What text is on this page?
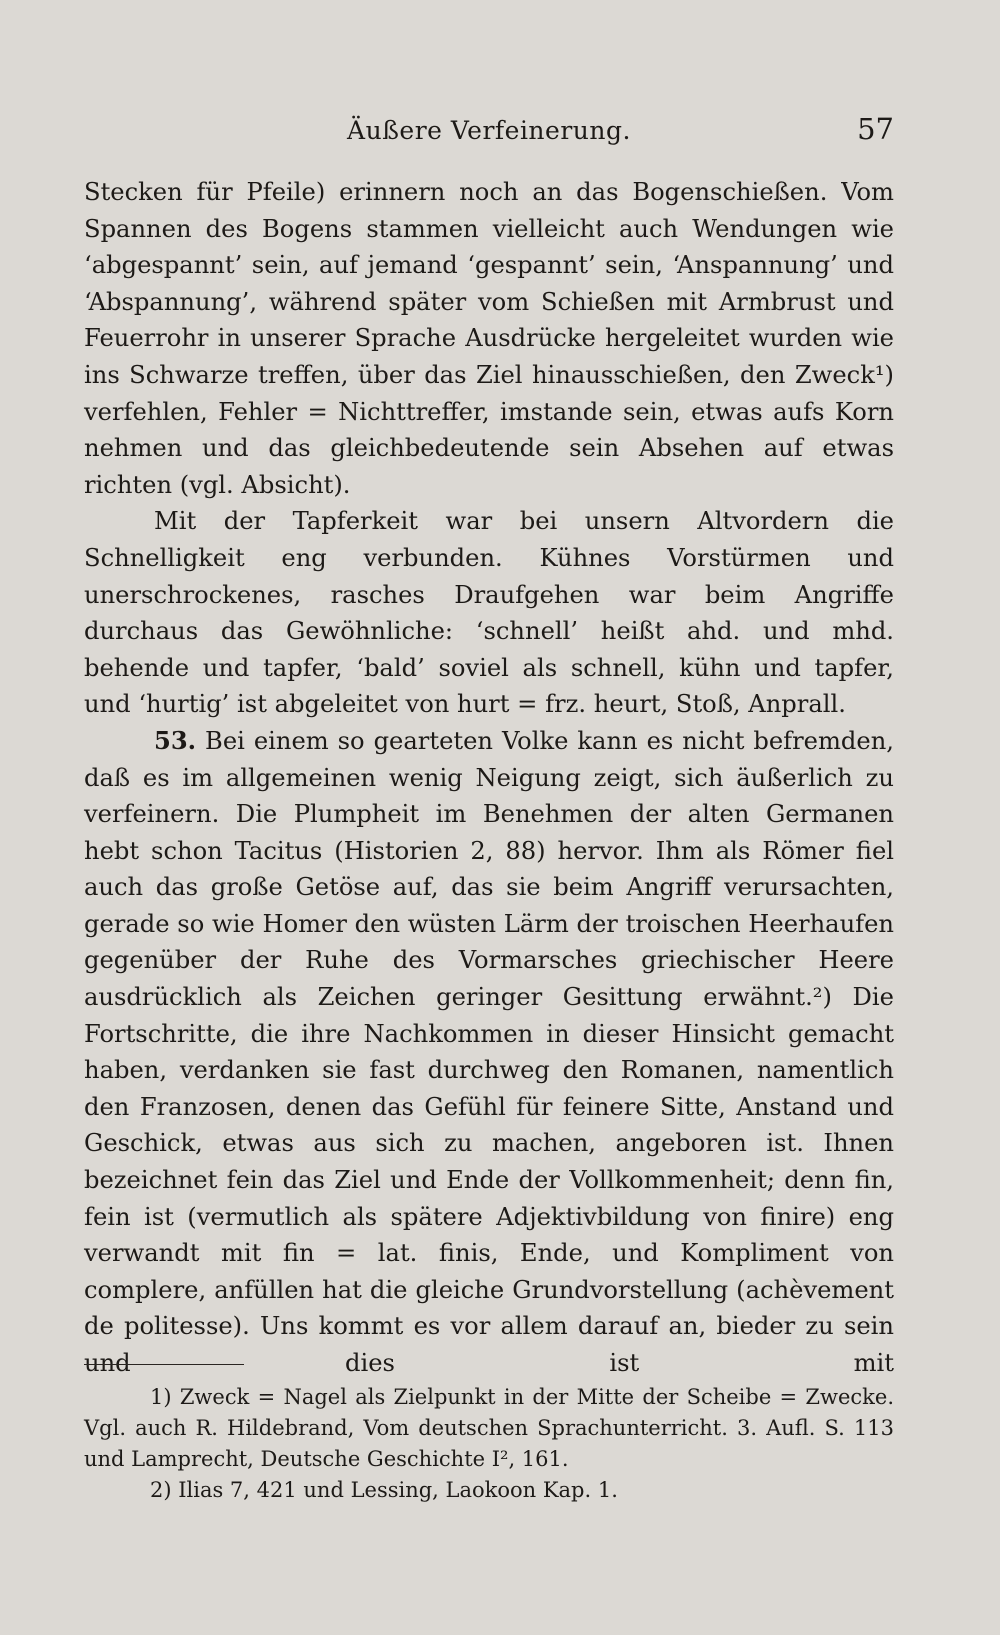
Äußere Verfeinerung.	57

Stecken für Pfeile) erinnern noch an das Bogenschießen. Vom Spannen des Bogens stammen vielleicht auch Wendungen wie ‘abgespannt’ sein, auf jemand ‘gespannt’ sein, ‘Anspannung’ und ‘Abspannung’, während später vom Schießen mit Armbrust und Feuerrohr in unserer Sprache Ausdrücke hergeleitet wurden wie ins Schwarze treffen, über das Ziel hinausschießen, den Zweck¹) verfehlen, Fehler = Nichttreffer, imstande sein, etwas aufs Korn nehmen und das gleichbedeutende sein Absehen auf etwas richten (vgl. Absicht).

Mit der Tapferkeit war bei unsern Altvordern die Schnelligkeit eng verbunden. Kühnes Vorstürmen und unerschrockenes, rasches Draufgehen war beim Angriffe durchaus das Gewöhnliche: ‘schnell’ heißt ahd. und mhd. behende und tapfer, ‘bald’ soviel als schnell, kühn und tapfer, und ‘hurtig’ ist abgeleitet von hurt = frz. heurt, Stoß, Anprall.

53. Bei einem so gearteten Volke kann es nicht befremden, daß es im allgemeinen wenig Neigung zeigt, sich äußerlich zu verfeinern. Die Plumpheit im Benehmen der alten Germanen hebt schon Tacitus (Historien 2, 88) hervor. Ihm als Römer fiel auch das große Getöse auf, das sie beim Angriff verursachten, gerade so wie Homer den wüsten Lärm der troischen Heerhaufen gegenüber der Ruhe des Vormarsches griechischer Heere ausdrücklich als Zeichen geringer Gesittung erwähnt.²) Die Fortschritte, die ihre Nachkommen in dieser Hinsicht gemacht haben, verdanken sie fast durchweg den Romanen, namentlich den Franzosen, denen das Gefühl für feinere Sitte, Anstand und Geschick, etwas aus sich zu machen, angeboren ist. Ihnen bezeichnet fein das Ziel und Ende der Vollkommenheit; denn fin, fein ist (vermutlich als spätere Adjektivbildung von finire) eng verwandt mit fin = lat. finis, Ende, und Kompliment von complere, anfüllen hat die gleiche Grundvorstellung (achèvement de politesse). Uns kommt es vor allem darauf an, bieder zu sein und dies ist mit

1) Zweck = Nagel als Zielpunkt in der Mitte der Scheibe = Zwecke. Vgl. auch R. Hildebrand, Vom deutschen Sprachunterricht. 3. Aufl. S. 113 und Lamprecht, Deutsche Geschichte I², 161.

2) Ilias 7, 421 und Lessing, Laokoon Kap. 1.
